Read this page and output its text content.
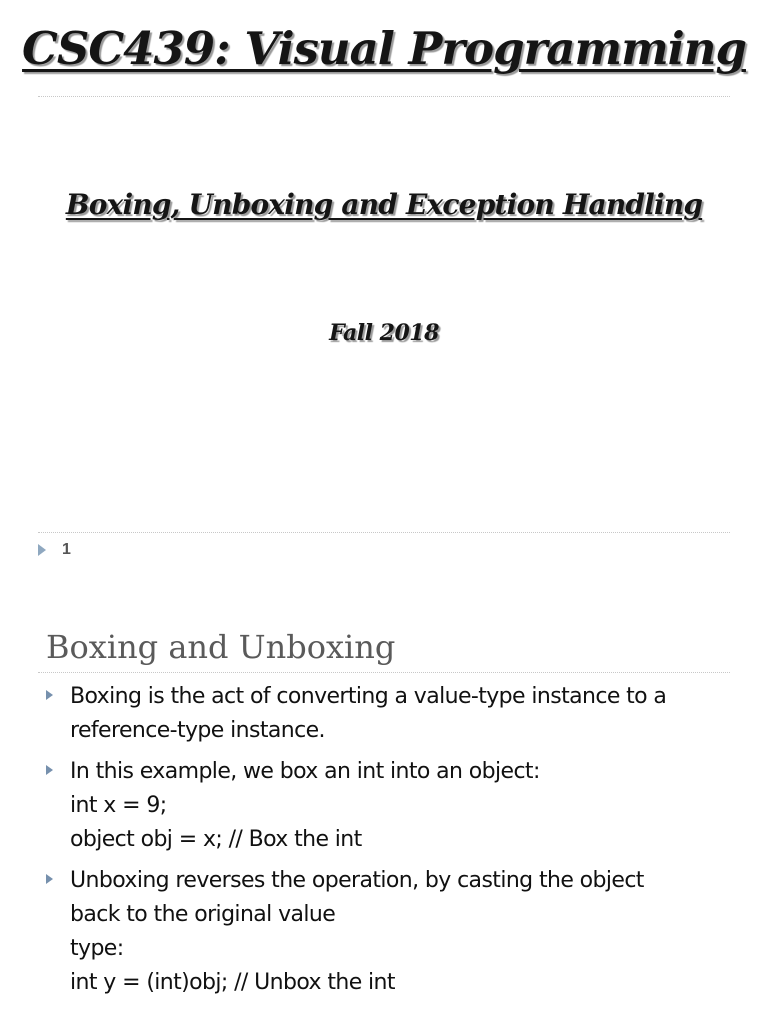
CSC439: Visual Programming
Boxing, Unboxing and Exception Handling
Fall 2018
1
Boxing and Unboxing
Boxing is the act of converting a value-type instance to a
reference-type instance.
In this example, we box an int into an object:
int x = 9;
object obj = x; // Box the int
Unboxing reverses the operation, by casting the object
back to the original value
type:
int y = (int)obj; // Unbox the int
